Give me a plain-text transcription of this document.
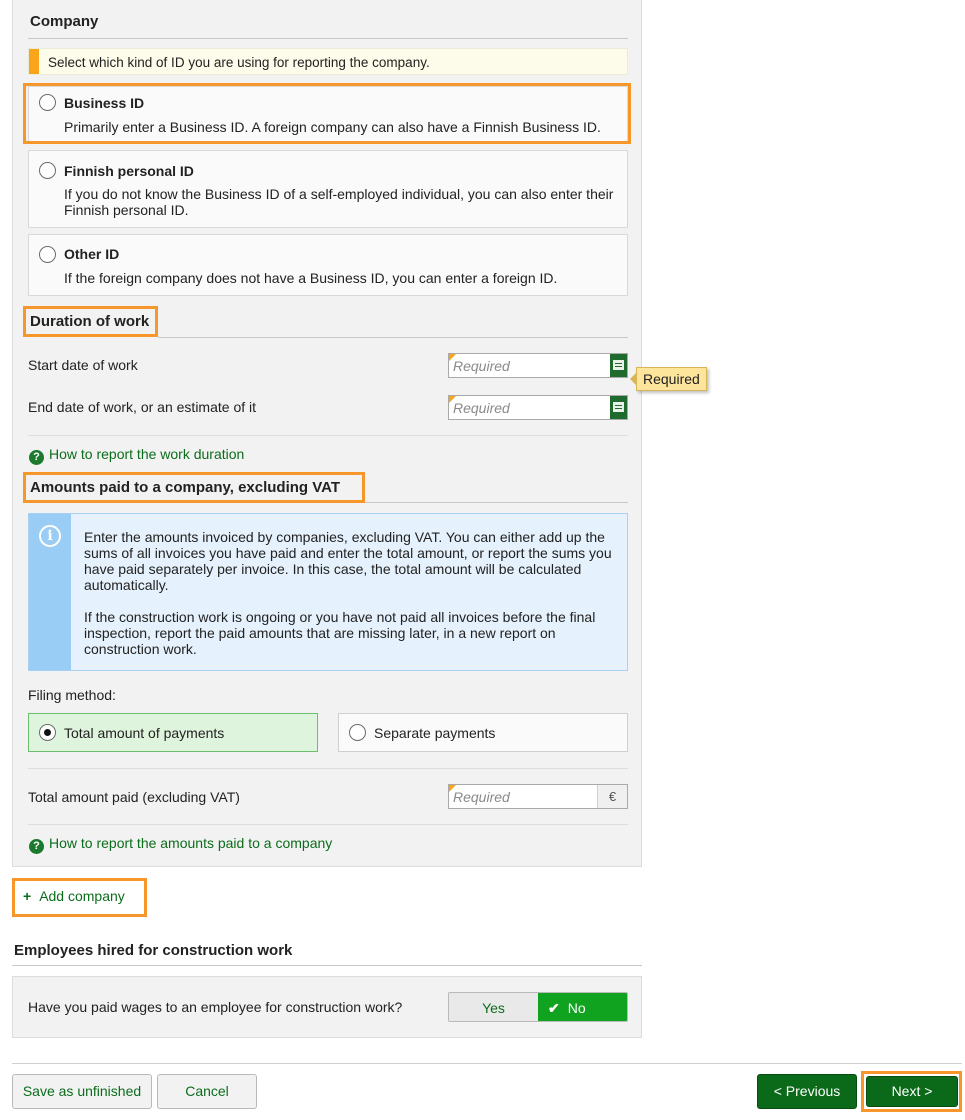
Company
Select which kind of ID you are using for reporting the company.
Business ID
Primarily enter a Business ID. A foreign company can also have a Finnish Business ID.
Finnish personal ID
If you do not know the Business ID of a self-employed individual, you can also enter their Finnish personal ID.
Other ID
If the foreign company does not have a Business ID, you can enter a foreign ID.
Duration of work
Start date of work	Required
Required
End date of work, or an estimate of it	Required
? How to report the work duration
Amounts paid to a company, excluding VAT
i	Enter the amounts invoiced by companies, excluding VAT. You can either add up the sums of all invoices you have paid and enter the total amount, or report the sums you have paid separately per invoice. In this case, the total amount will be calculated automatically.

If the construction work is ongoing or you have not paid all invoices before the final inspection, report the paid amounts that are missing later, in a new report on construction work.

Filing method:
Total amount of payments	Separate payments
Total amount paid (excluding VAT)	Required	€
? How to report the amounts paid to a company
+ Add company
Employees hired for construction work
Have you paid wages to an employee for construction work?	Yes	✔ No
Save as unfinished	Cancel	< Previous	Next >
